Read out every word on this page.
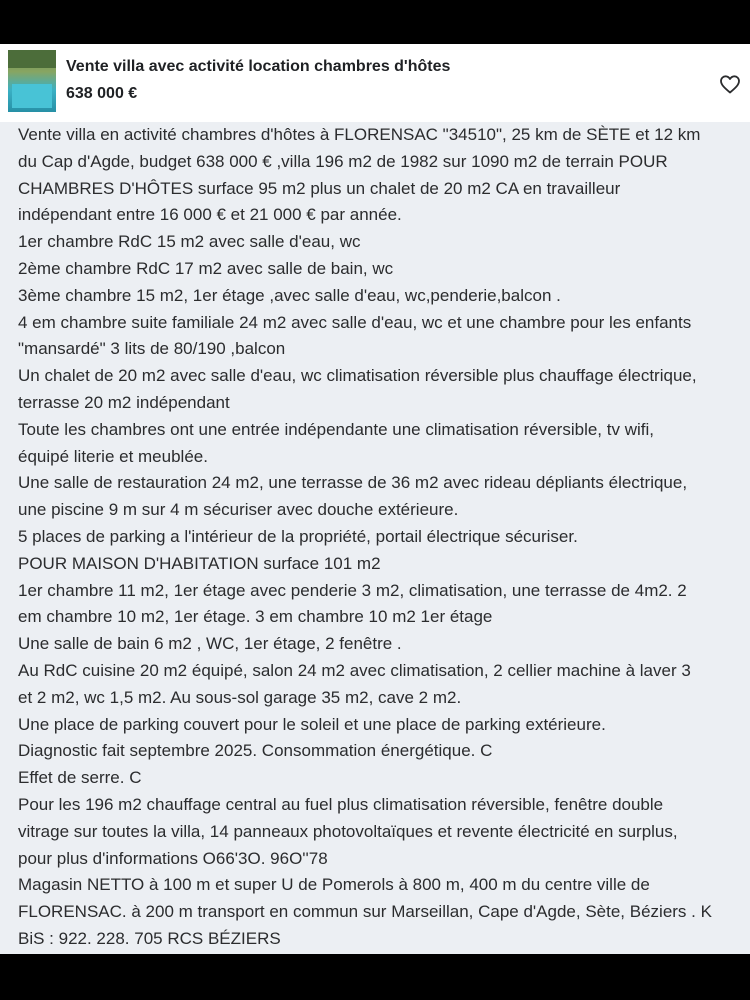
Vente villa avec activité location chambres d'hôtes
638 000 €
Vente villa en activité chambres d'hôtes à FLORENSAC "34510", 25 km de SÈTE et 12 km
du Cap d'Agde, budget 638 000 € ,villa 196 m2 de 1982 sur 1090 m2 de terrain POUR
CHAMBRES D'HÔTES surface 95 m2 plus un chalet de 20 m2 CA en travailleur
indépendant entre 16 000 € et 21 000 € par année.
1er chambre RdC 15 m2 avec salle d'eau, wc
2ème chambre RdC 17 m2 avec salle de bain, wc
3ème chambre 15 m2, 1er étage ,avec salle d'eau, wc,penderie,balcon .
4 em chambre suite familiale 24 m2 avec salle d'eau, wc et une chambre pour les enfants
"mansardé" 3 lits de 80/190 ,balcon
Un chalet de 20 m2 avec salle d'eau, wc climatisation réversible plus chauffage électrique,
terrasse 20 m2 indépendant
Toute les chambres ont une entrée indépendante une climatisation réversible, tv wifi,
équipé literie et meublée.
Une salle de restauration 24 m2, une terrasse de 36 m2 avec rideau dépliants électrique,
une piscine 9 m sur 4 m sécuriser avec douche extérieure.
5 places de parking a l'intérieur de la propriété, portail électrique sécuriser.
POUR MAISON D'HABITATION surface 101 m2
1er chambre 11 m2, 1er étage avec penderie 3 m2, climatisation, une terrasse de 4m2. 2
em chambre 10 m2, 1er étage. 3 em chambre 10 m2 1er étage
Une salle de bain 6 m2 , WC, 1er étage, 2 fenêtre .
Au RdC cuisine 20 m2 équipé, salon 24 m2 avec climatisation, 2 cellier machine à laver 3
et 2 m2, wc 1,5 m2. Au sous-sol garage 35 m2, cave 2 m2.
Une place de parking couvert pour le soleil et une place de parking extérieure.
Diagnostic fait septembre 2025. Consommation énergétique. C
Effet de serre. C
Pour les 196 m2 chauffage central au fuel plus climatisation réversible, fenêtre double
vitrage sur toutes la villa, 14 panneaux photovoltaïques et revente électricité en surplus,
pour plus d'informations O66'3O. 96O''78
Magasin NETTO à 100 m et super U de Pomerols à 800 m, 400 m du centre ville de
FLORENSAC. à 200 m transport en commun sur Marseillan, Cape d'Agde, Sète, Béziers . K
BiS : 922. 228. 705 RCS BÉZIERS
